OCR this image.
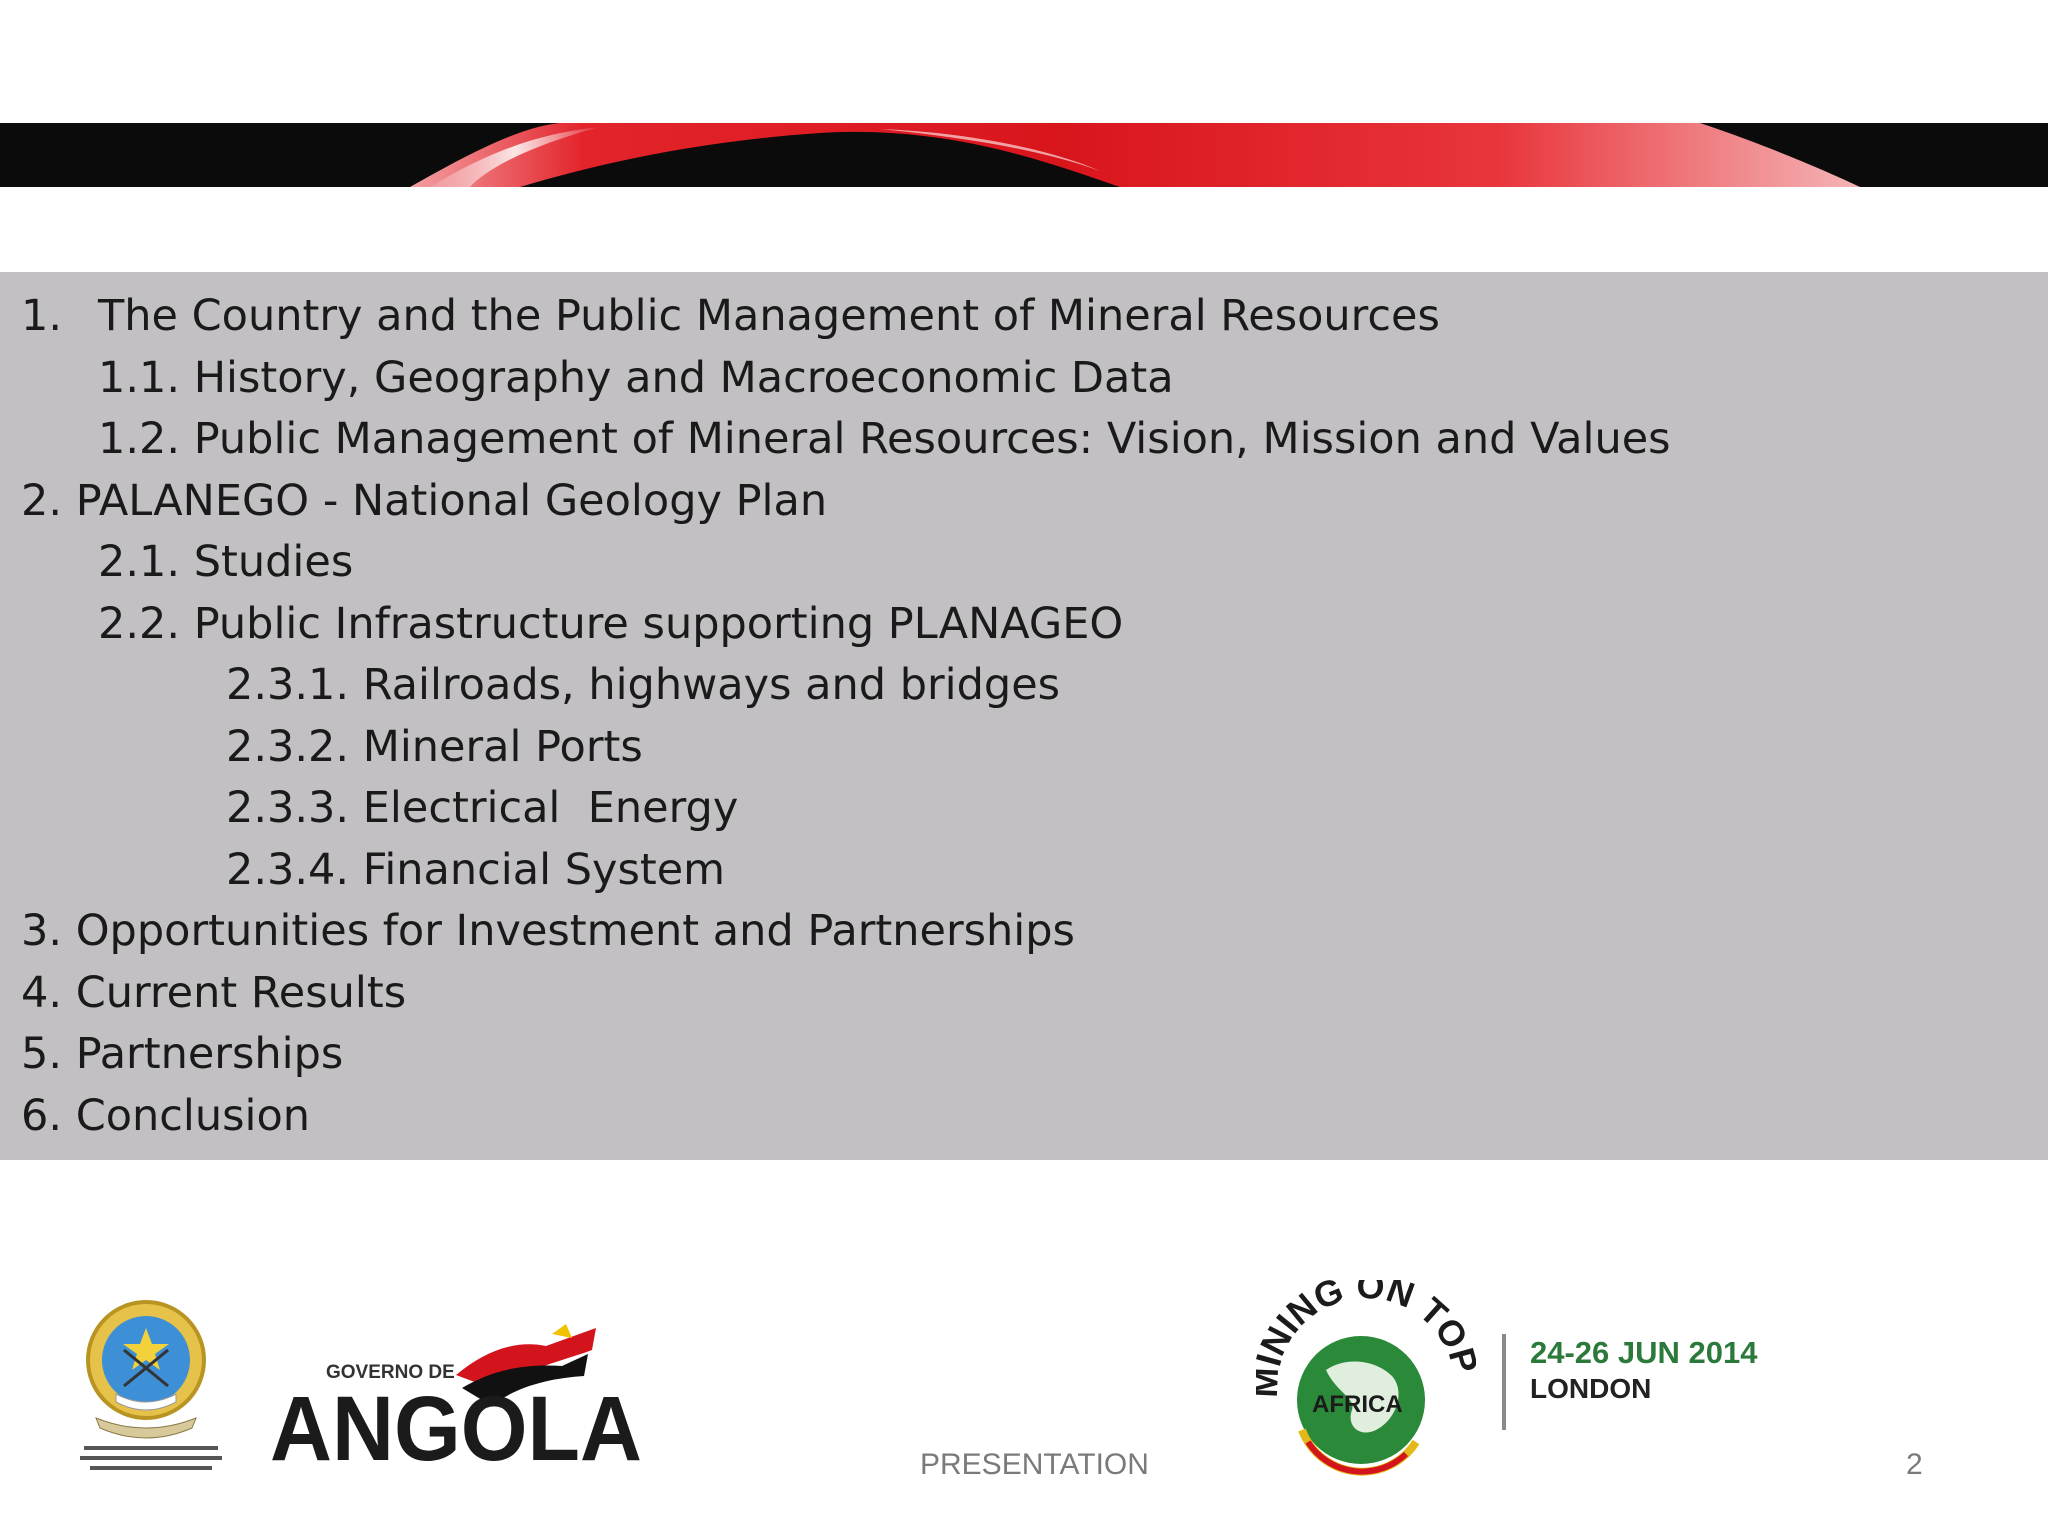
1. The Country and the Public Management of Mineral Resources
1.1. History, Geography and Macroeconomic Data
1.2. Public Management of Mineral Resources: Vision, Mission and Values
2. PALANEGO - National Geology Plan
2.1. Studies
2.2. Public Infrastructure supporting PLANAGEO
2.3.1. Railroads, highways and bridges
2.3.2. Mineral Ports
2.3.3. Electrical  Energy
2.3.4. Financial System
3. Opportunities for Investment and Partnerships
4. Current Results
5. Partnerships
6. Conclusion
GOVERNO DE
ANGOLA	PRESENTATION	2
NING ON TO
AFRICA
24-26 JUN 2014
LONDON
